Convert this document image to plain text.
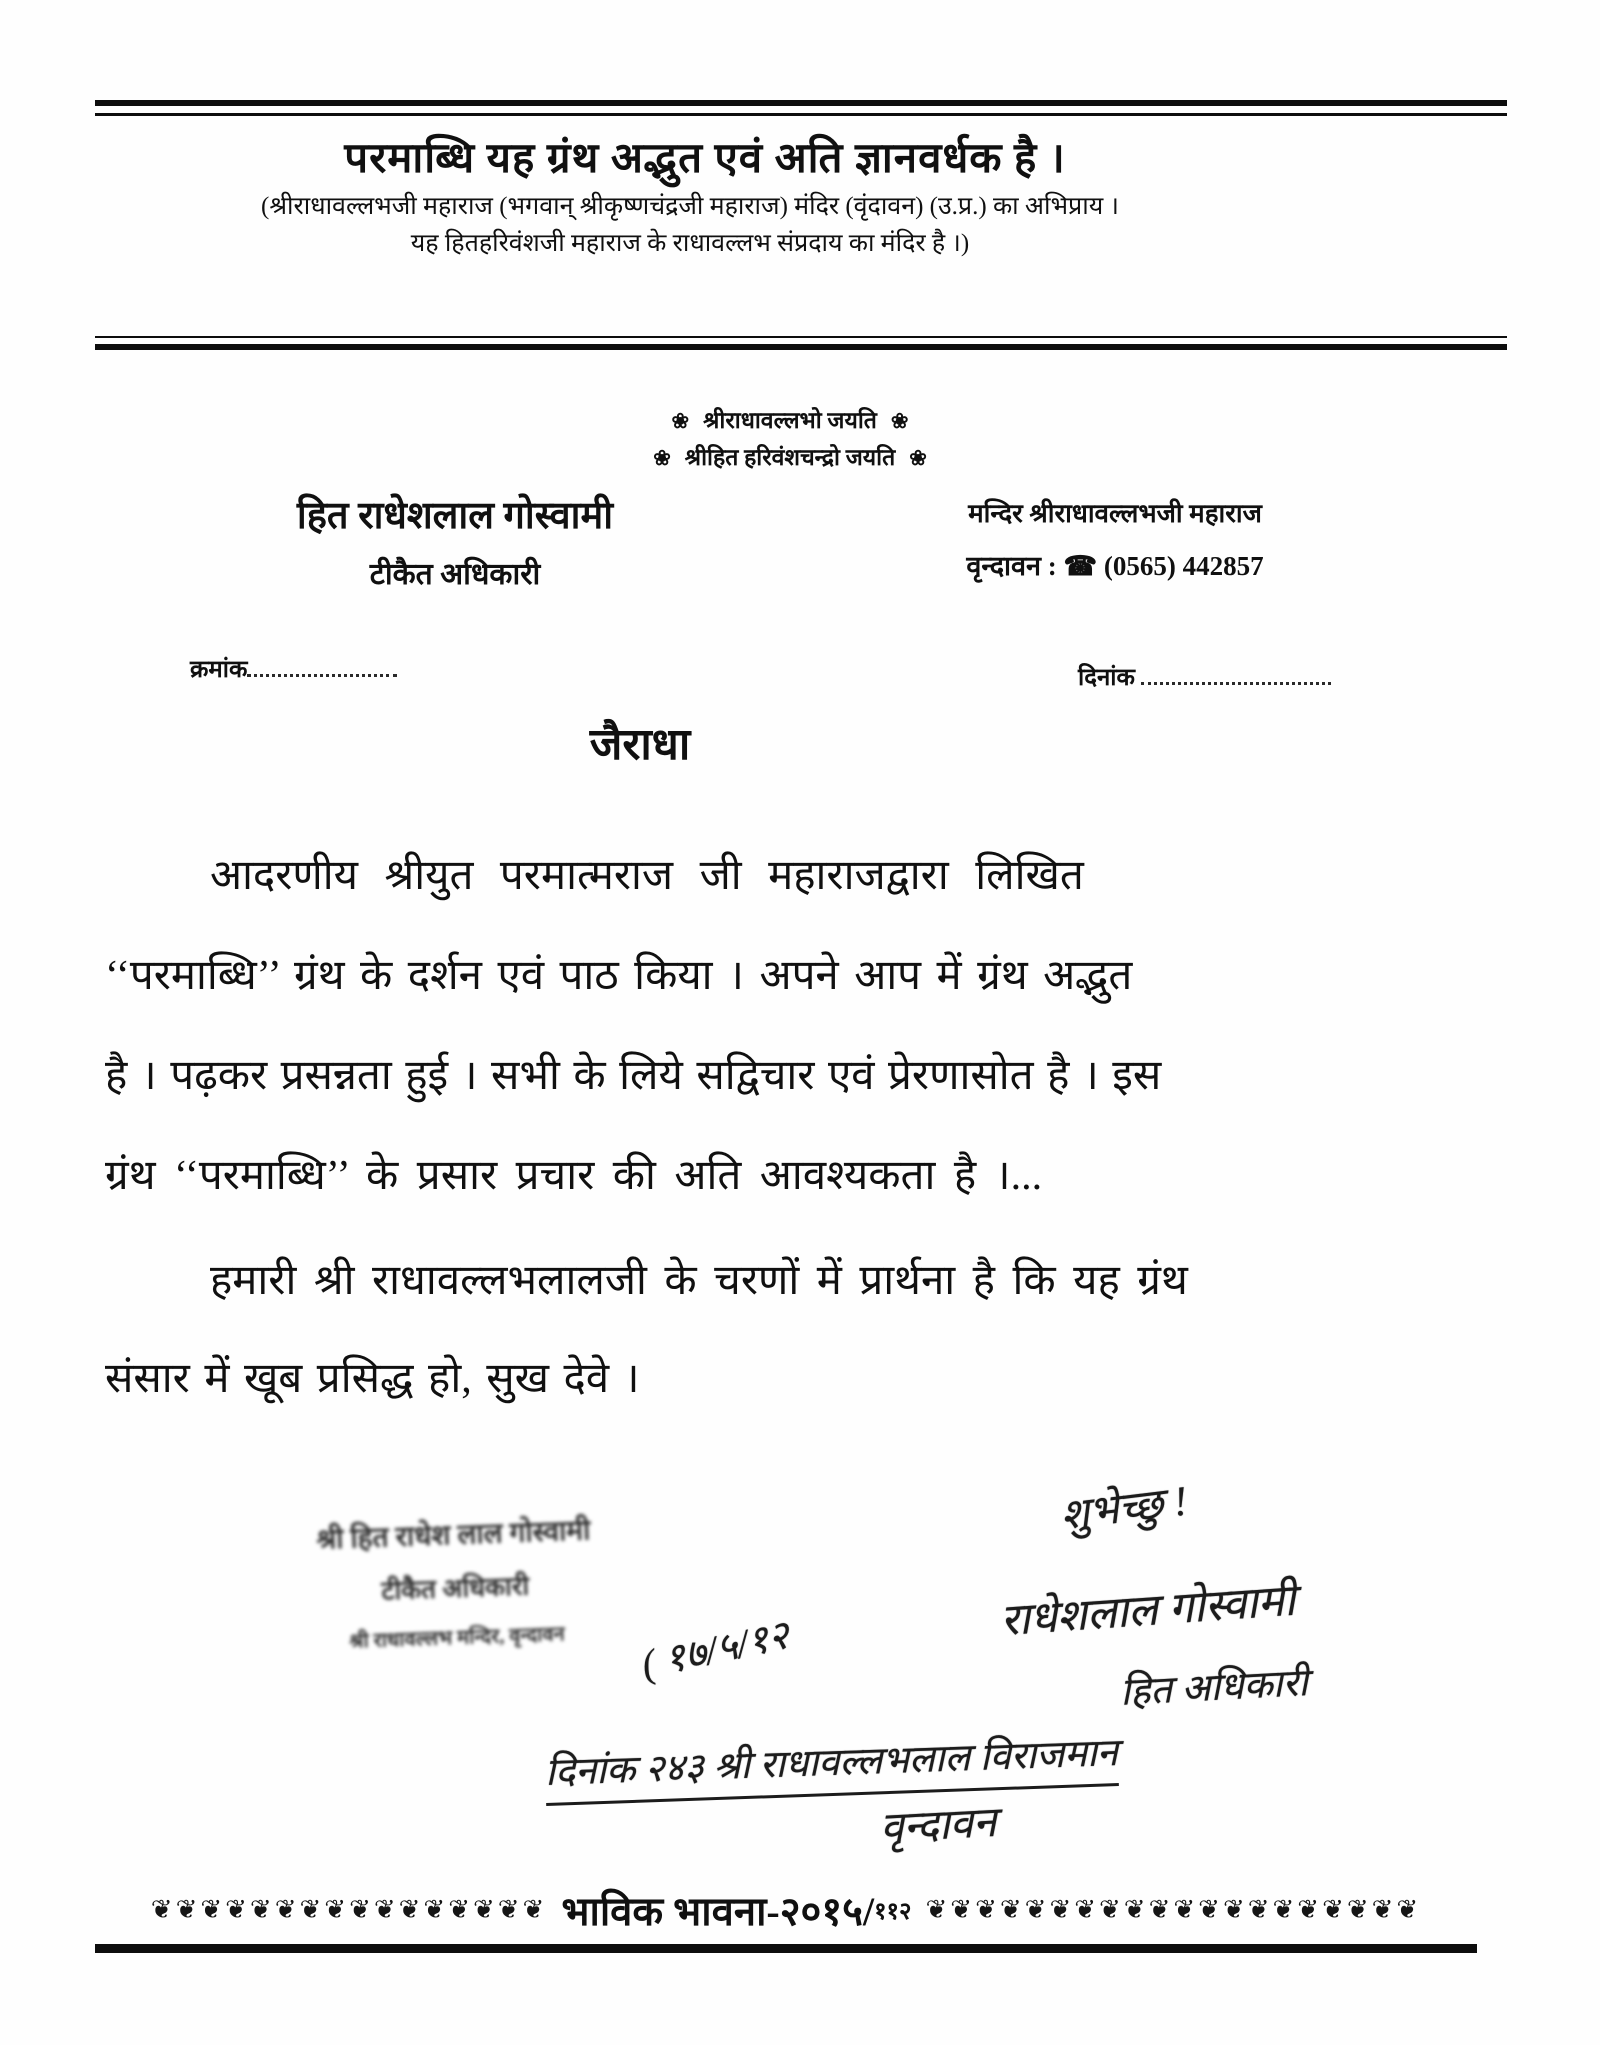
परमाब्धि यह ग्रंथ अद्भुत एवं अति ज्ञानवर्धक है ।
(श्रीराधावल्लभजी महाराज (भगवान् श्रीकृष्णचंद्रजी महाराज) मंदिर (वृंदावन) (उ.प्र.) का अभिप्राय ।
यह हितहरिवंशजी महाराज के राधावल्लभ संप्रदाय का मंदिर है ।)
❀ श्रीराधावल्लभो जयति ❀
❀ श्रीहित हरिवंशचन्द्रो जयति ❀
हित राधेशलाल गोस्वामी
टीकैत अधिकारी
मन्दिर श्रीराधावल्लभजी महाराज
वृन्दावन : ☎ (0565) 442857
क्रमांक	दिनांक
जैराधा
आदरणीय श्रीयुत परमात्मराज जी महाराजद्वारा लिखित
‘‘परमाब्धि’’ ग्रंथ के दर्शन एवं पाठ किया । अपने आप में ग्रंथ अद्भुत
है । पढ़कर प्रसन्नता हुई । सभी के लिये सद्विचार एवं प्रेरणासोत है । इस
ग्रंथ ‘‘परमाब्धि’’ के प्रसार प्रचार की अति आवश्यकता है ।...
हमारी श्री राधावल्लभलालजी के चरणों में प्रार्थना है कि यह ग्रंथ
संसार में खूब प्रसिद्ध हो, सुख देवे ।
श्री हित राधेश लाल गोस्वामी
टीकैत अधिकारी
श्री राधावल्लभ मन्दिर, वृन्दावन
शुभेच्छु !
राधेशलाल गोस्वामी
हित अधिकारी
( १७/५/१२
दिनांक २४३ श्री राधावल्लभलाल विराजमान
वृन्दावन
❦❦❦❦❦❦❦❦❦❦❦❦❦❦❦❦ भाविक भावना-२०१५/११२ ❦❦❦❦❦❦❦❦❦❦❦❦❦❦❦❦❦❦❦❦
